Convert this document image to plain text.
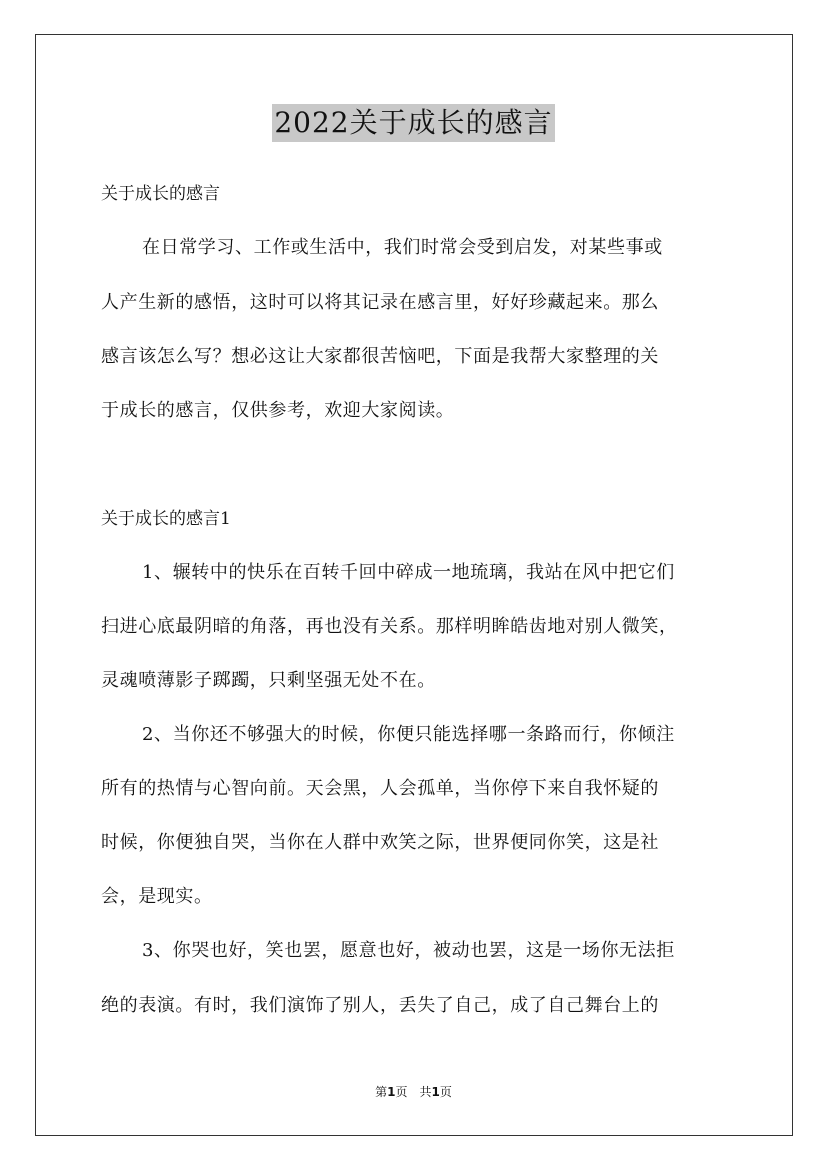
2022关于成长的感言
关于成长的感言
在日常学习、工作或生活中，我们时常会受到启发，对某些事或
人产生新的感悟，这时可以将其记录在感言里，好好珍藏起来。那么
感言该怎么写？想必这让大家都很苦恼吧，下面是我帮大家整理的关
于成长的感言，仅供参考，欢迎大家阅读。
关于成长的感言1
1、辗转中的快乐在百转千回中碎成一地琉璃，我站在风中把它们
扫进心底最阴暗的角落，再也没有关系。那样明眸皓齿地对别人微笑，
灵魂喷薄影子踯躅，只剩坚强无处不在。
2、当你还不够强大的时候，你便只能选择哪一条路而行，你倾注
所有的热情与心智向前。天会黑，人会孤单，当你停下来自我怀疑的
时候，你便独自哭，当你在人群中欢笑之际，世界便同你笑，这是社
会，是现实。
3、你哭也好，笑也罢，愿意也好，被动也罢，这是一场你无法拒
绝的表演。有时，我们演饰了别人，丢失了自己，成了自己舞台上的
第1页　共1页
